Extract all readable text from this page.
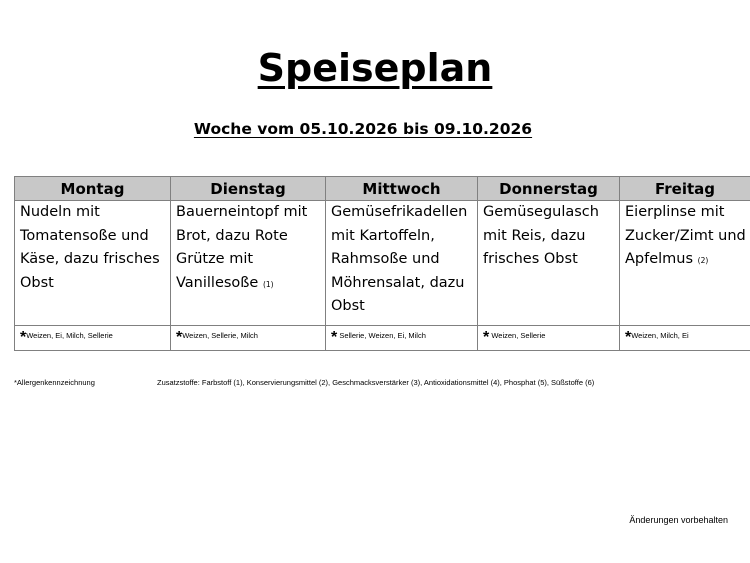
Speiseplan
Woche vom 05.10.2026 bis 09.10.2026
Montag	Dienstag	Mittwoch	Donnerstag	Freitag
Nudeln mit Tomatensoße und Käse, dazu frisches Obst	Bauerneintopf mit Brot, dazu Rote Grütze mit Vanillesoße (1)	Gemüsefrikadellen mit Kartoffeln, Rahmsoße und Möhrensalat, dazu Obst	Gemüsegulasch mit Reis, dazu frisches Obst	Eierplinse mit Zucker/Zimt und Apfelmus (2)
*Weizen, Ei, Milch, Sellerie	*Weizen, Sellerie, Milch	* Sellerie, Weizen, Ei, Milch	* Weizen, Sellerie	*Weizen, Milch, Ei
*Allergenkennzeichnung	Zusatzstoffe: Farbstoff (1), Konservierungsmittel (2), Geschmacksverstärker (3), Antioxidationsmittel (4), Phosphat (5), Süßstoffe (6)
Änderungen vorbehalten
